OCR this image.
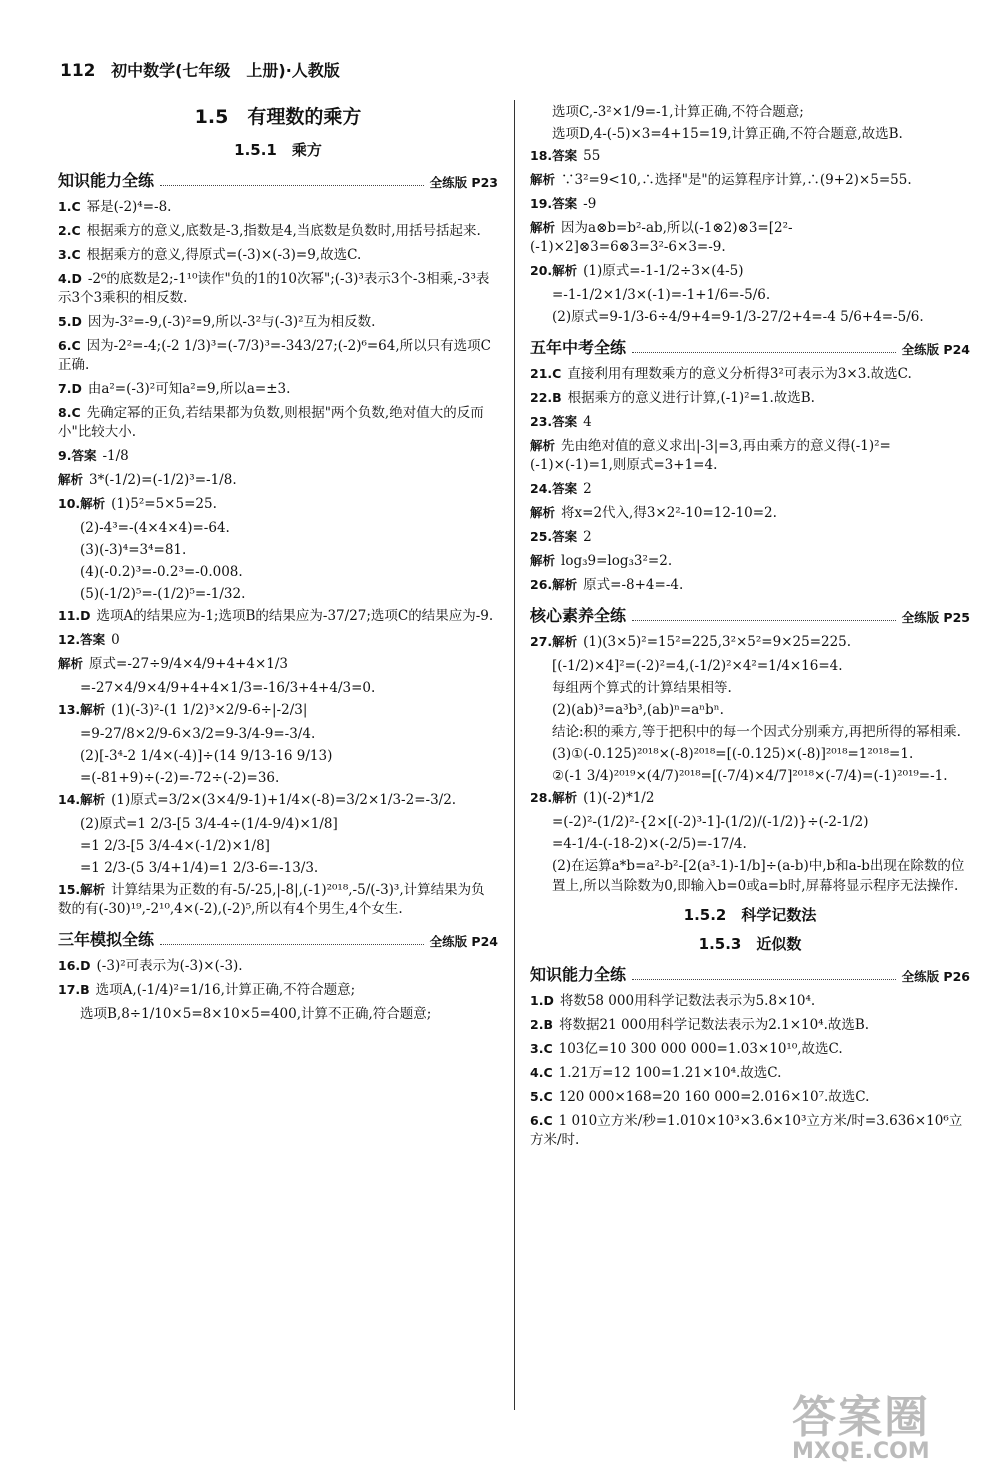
112 初中数学(七年级　上册)·人教版
1.5　有理数的乘方
1.5.1　乘方
知识能力全练	全练版 P23
1.C 幂是(-2)⁴=-8.
2.C 根据乘方的意义,底数是-3,指数是4,当底数是负数时,用括号括起来.
3.C 根据乘方的意义,得原式=(-3)×(-3)=9,故选C.
4.D -2⁶的底数是2;-1¹⁰读作"负的1的10次幂";(-3)³表示3个-3相乘,-3³表示3个3乘积的相反数.
5.D 因为-3²=-9,(-3)²=9,所以-3²与(-3)²互为相反数.
6.C 因为-2²=-4;(-2 1/3)³=(-7/3)³=-343/27;(-2)⁶=64,所以只有选项C正确.
7.D 由a²=(-3)²可知a²=9,所以a=±3.
8.C 先确定幂的正负,若结果都为负数,则根据"两个负数,绝对值大的反而小"比较大小.
9.答案 -1/8
解析 3*(-1/2)=(-1/2)³=-1/8.
10.解析 (1)5²=5×5=25.
(2)-4³=-(4×4×4)=-64.
(3)(-3)⁴=3⁴=81.
(4)(-0.2)³=-0.2³=-0.008.
(5)(-1/2)⁵=-(1/2)⁵=-1/32.
11.D 选项A的结果应为-1;选项B的结果应为-37/27;选项C的结果应为-9.
12.答案 0
解析 原式=-27÷9/4×4/9+4+4×1/3
=-27×4/9×4/9+4+4×1/3=-16/3+4+4/3=0.
13.解析 (1)(-3)²-(1 1/2)³×2/9-6÷|-2/3|
=9-27/8×2/9-6×3/2=9-3/4-9=-3/4.
(2)[-3⁴-2 1/4×(-4)]÷(14 9/13-16 9/13)
=(-81+9)÷(-2)=-72÷(-2)=36.
14.解析 (1)原式=3/2×(3×4/9-1)+1/4×(-8)=3/2×1/3-2=-3/2.
(2)原式=1 2/3-[5 3/4-4÷(1/4-9/4)×1/8]
=1 2/3-[5 3/4-4×(-1/2)×1/8]
=1 2/3-(5 3/4+1/4)=1 2/3-6=-13/3.
15.解析 计算结果为正数的有-5/-25,|-8|,(-1)²⁰¹⁸,-5/(-3)³,计算结果为负数的有(-30)¹⁹,-2¹⁰,4×(-2),(-2)⁵,所以有4个男生,4个女生.
三年模拟全练	全练版 P24
16.D (-3)²可表示为(-3)×(-3).
17.B 选项A,(-1/4)²=1/16,计算正确,不符合题意;
选项B,8÷1/10×5=8×10×5=400,计算不正确,符合题意;
选项C,-3²×1/9=-1,计算正确,不符合题意;
选项D,4-(-5)×3=4+15=19,计算正确,不符合题意,故选B.
18.答案 55
解析 ∵3²=9<10,∴选择"是"的运算程序计算,∴(9+2)×5=55.
19.答案 -9
解析 因为a⊗b=b²-ab,所以(-1⊗2)⊗3=[2²-(-1)×2]⊗3=6⊗3=3²-6×3=-9.
20.解析 (1)原式=-1-1/2÷3×(4-5)
=-1-1/2×1/3×(-1)=-1+1/6=-5/6.
(2)原式=9-1/3-6÷4/9+4=9-1/3-27/2+4=-4 5/6+4=-5/6.
五年中考全练	全练版 P24
21.C 直接利用有理数乘方的意义分析得3²可表示为3×3.故选C.
22.B 根据乘方的意义进行计算,(-1)²=1.故选B.
23.答案 4
解析 先由绝对值的意义求出|-3|=3,再由乘方的意义得(-1)²=(-1)×(-1)=1,则原式=3+1=4.
24.答案 2
解析 将x=2代入,得3×2²-10=12-10=2.
25.答案 2
解析 log₃9=log₃3²=2.
26.解析 原式=-8+4=-4.
核心素养全练	全练版 P25
27.解析 (1)(3×5)²=15²=225,3²×5²=9×25=225.
[(-1/2)×4]²=(-2)²=4,(-1/2)²×4²=1/4×16=4.
每组两个算式的计算结果相等.
(2)(ab)³=a³b³,(ab)ⁿ=aⁿbⁿ.
结论:积的乘方,等于把积中的每一个因式分别乘方,再把所得的幂相乘.
(3)①(-0.125)²⁰¹⁸×(-8)²⁰¹⁸=[(-0.125)×(-8)]²⁰¹⁸=1²⁰¹⁸=1.
②(-1 3/4)²⁰¹⁹×(4/7)²⁰¹⁸=[(-7/4)×4/7]²⁰¹⁸×(-7/4)=(-1)²⁰¹⁹=-1.
28.解析 (1)(-2)*1/2
=(-2)²-(1/2)²-{2×[(-2)³-1]-(1/2)/(-1/2)}÷(-2-1/2)
=4-1/4-(-18-2)×(-2/5)=-17/4.
(2)在运算a*b=a²-b²-[2(a³-1)-1/b]÷(a-b)中,b和a-b出现在除数的位置上,所以当除数为0,即输入b=0或a=b时,屏幕将显示程序无法操作.
1.5.2　科学记数法
1.5.3　近似数
知识能力全练	全练版 P26
1.D 将数58 000用科学记数法表示为5.8×10⁴.
2.B 将数据21 000用科学记数法表示为2.1×10⁴.故选B.
3.C 103亿=10 300 000 000=1.03×10¹⁰,故选C.
4.C 1.21万=12 100=1.21×10⁴.故选C.
5.C 120 000×168=20 160 000=2.016×10⁷.故选C.
6.C 1 010立方米/秒=1.010×10³×3.6×10³立方米/时=3.636×10⁶立方米/时.
答案圈
MXQE.COM
